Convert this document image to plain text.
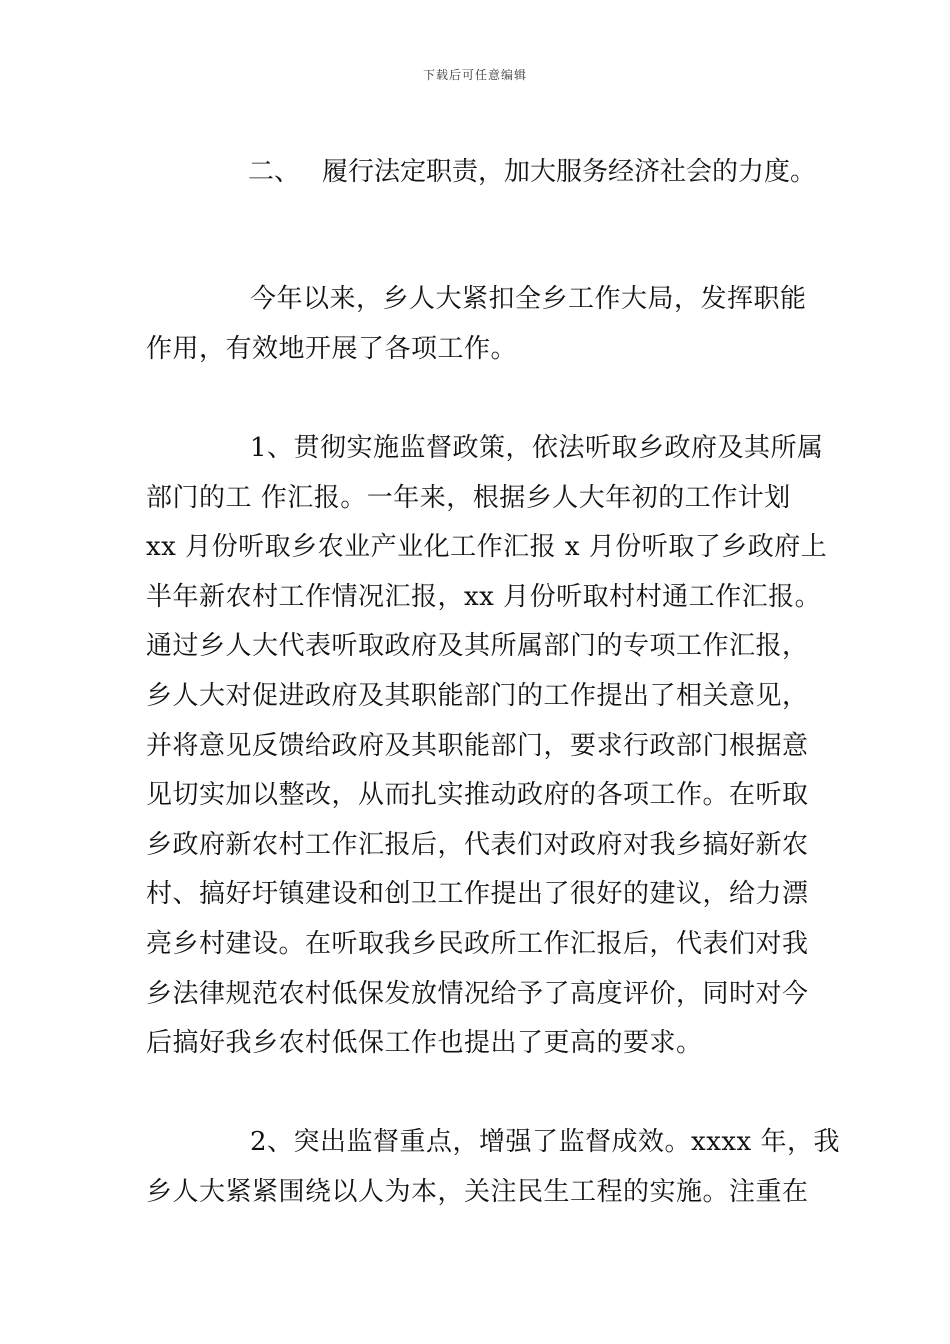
下载后可任意编辑
二、 履行法定职责，加大服务经济社会的力度。
今年以来，乡人大紧扣全乡工作大局，发挥职能
作用，有效地开展了各项工作。
1、贯彻实施监督政策，依法听取乡政府及其所属
部门的工 作汇报。一年来，根据乡人大年初的工作计划
xx 月份听取乡农业产业化工作汇报 x 月份听取了乡政府上
半年新农村工作情况汇报，xx 月份听取村村通工作汇报。
通过乡人大代表听取政府及其所属部门的专项工作汇报，
乡人大对促进政府及其职能部门的工作提出了相关意见，
并将意见反馈给政府及其职能部门，要求行政部门根据意
见切实加以整改，从而扎实推动政府的各项工作。在听取
乡政府新农村工作汇报后，代表们对政府对我乡搞好新农
村、搞好圩镇建设和创卫工作提出了很好的建议，给力漂
亮乡村建设。在听取我乡民政所工作汇报后，代表们对我
乡法律规范农村低保发放情况给予了高度评价，同时对今
后搞好我乡农村低保工作也提出了更高的要求。
2、突出监督重点，增强了监督成效。xxxx 年，我
乡人大紧紧围绕以人为本，关注民生工程的实施。注重在
